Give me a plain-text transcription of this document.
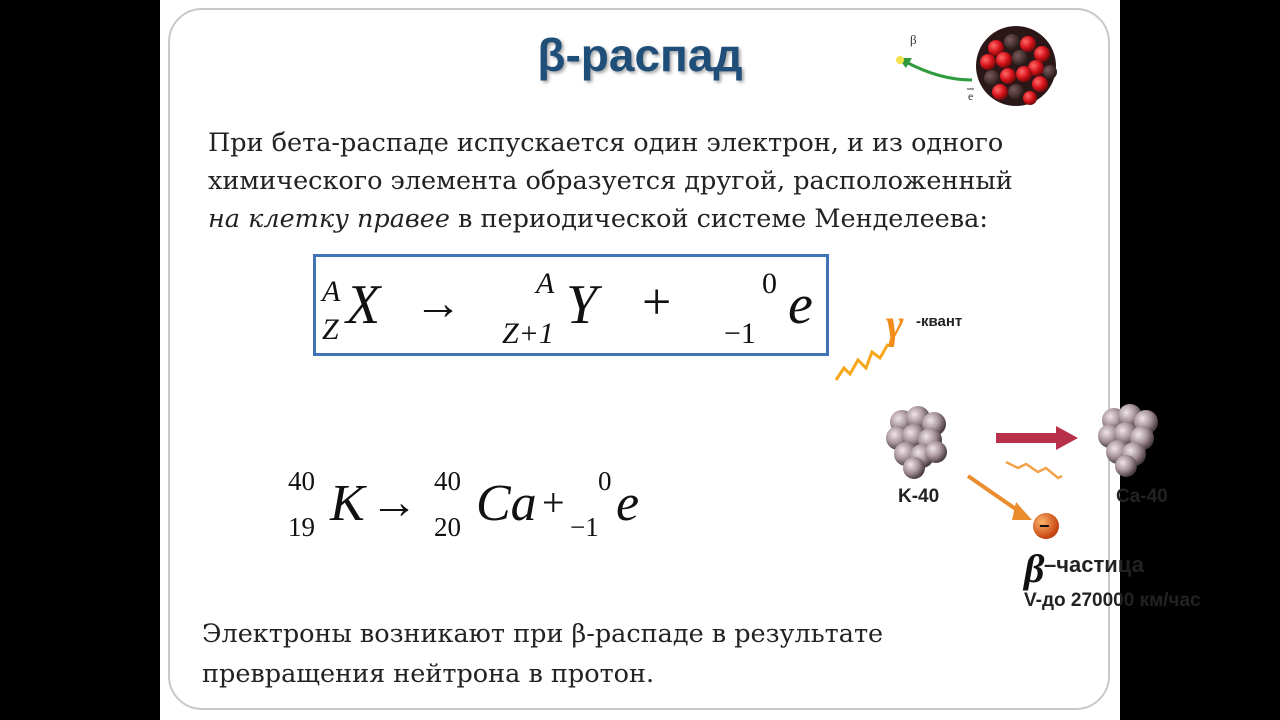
β-распад	β
e
При бета-распаде испускается один электрон, и из одного
химического элемента образуется другой, расположенный
на клетку правее в периодической системе Менделеева:
A
Z X → A
Z+1 Y +	0
−1 e
40
19 K → 40
20 Ca + 0
−1 e
γ -квант
K-40	Ca-40
−
β –частица
V-до 270000 км/час
Электроны возникают при β-распаде в результате
превращения нейтрона в протон.
